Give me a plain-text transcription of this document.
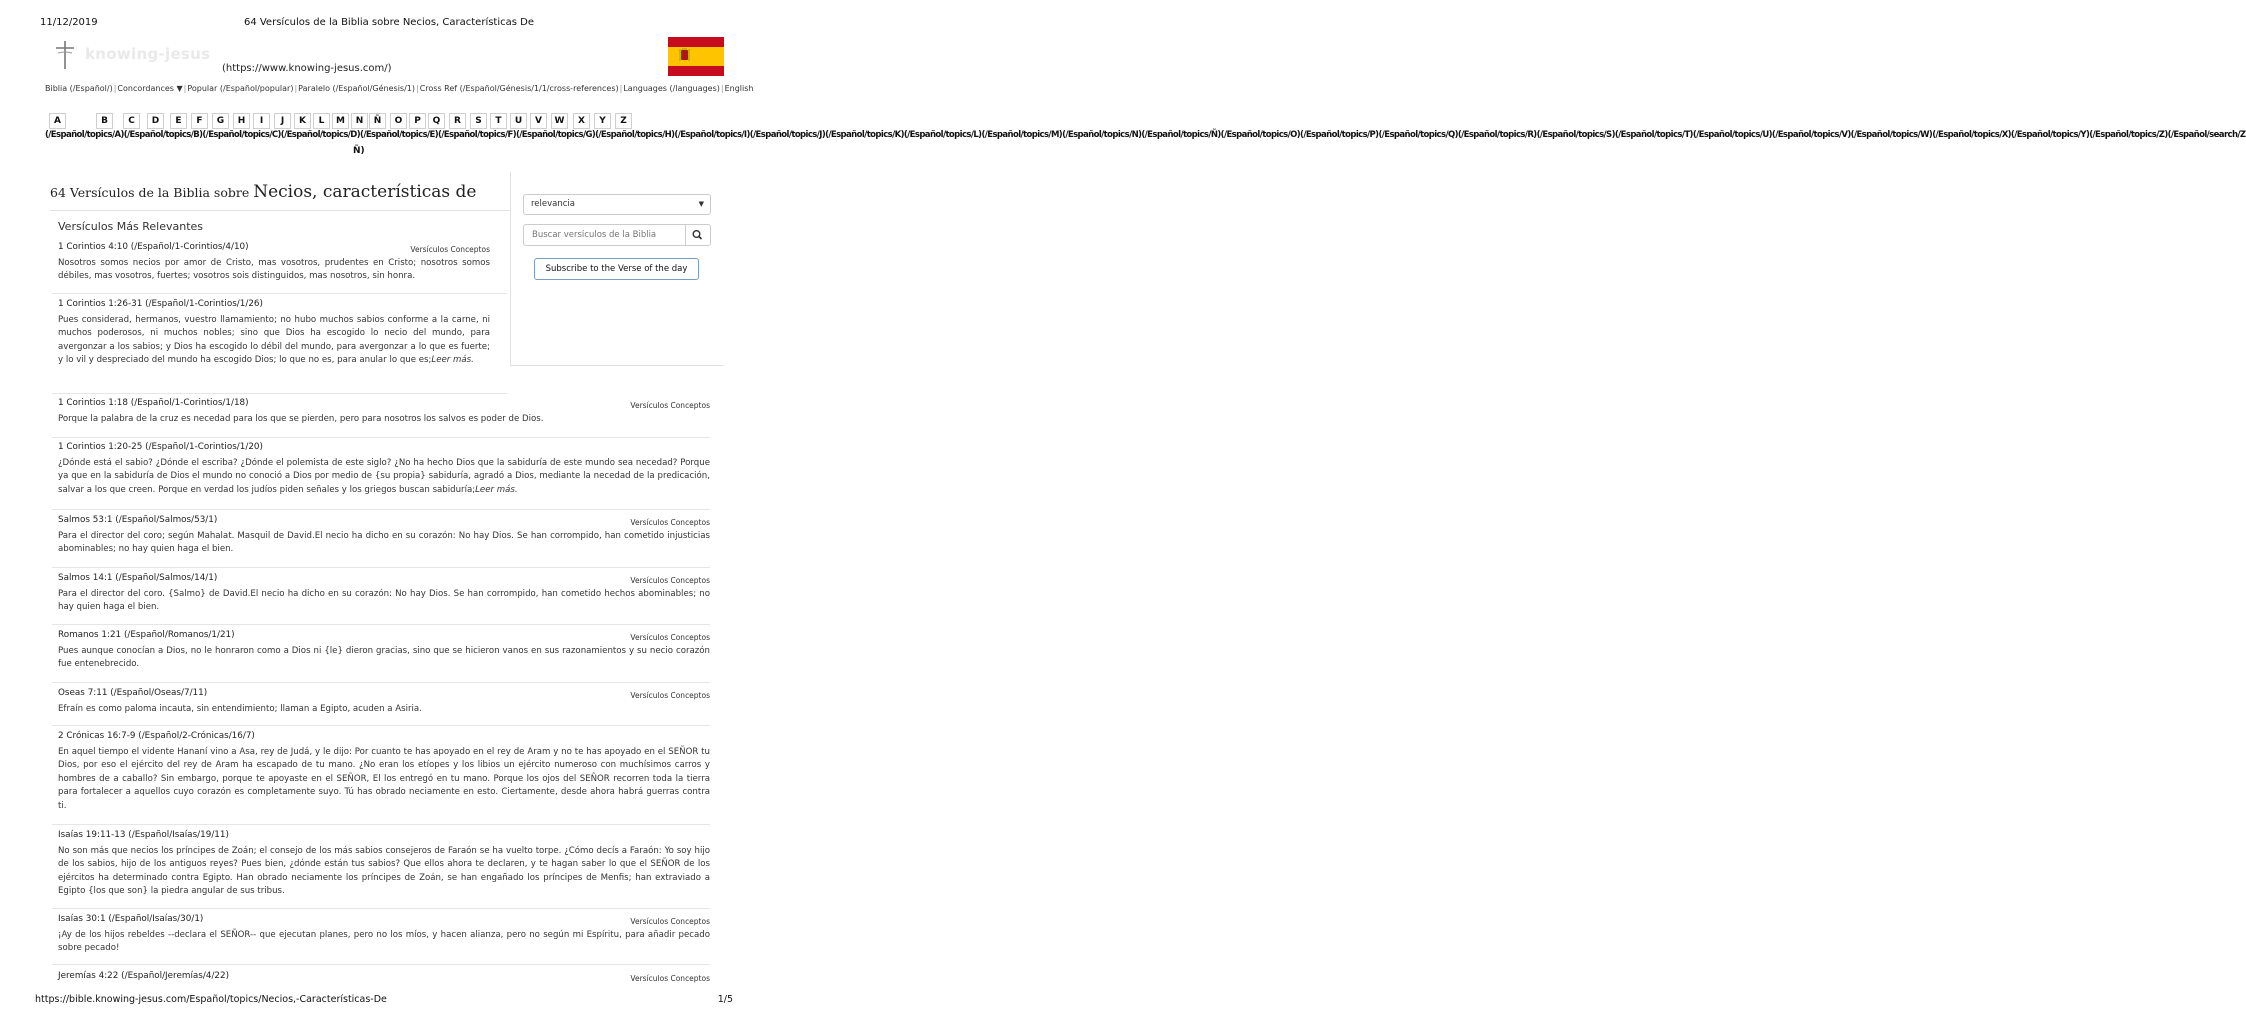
11/12/2019	64 Versículos de la Biblia sobre Necios, Características De
knowing-jesus
(https://www.knowing-jesus.com/)
Biblia (/Español/)|Concordances ▼|Popular (/Español/popular)|Paralelo (/Español/Génesis/1)|Cross Ref (/Español/Génesis/1/1/cross-references)|Languages (/languages)|English
(/Español/topics/A)(/Español/topics/B)(/Español/topics/C)(/Español/topics/D)(/Español/topics/E)(/Español/topics/F)(/Español/topics/G)(/Español/topics/H)(/Español/topics/I)(/Español/topics/J)(/Español/topics/K)(/Español/topics/L)(/Español/topics/M)(/Español/topics/N)(/Español/topics/Ñ)(/Español/topics/O)(/Español/topics/P)(/Español/topics/Q)(/Español/topics/R)(/Español/topics/S)(/Español/topics/T)(/Español/topics/U)(/Español/topics/V)(/Español/topics/W)(/Español/topics/X)(/Español/topics/Y)(/Español/topics/Z)(/Español/search/Z
Ñ)
A	B	C	D	E	F	G	H	I	J	K	L	M	N	Ñ	O	P	Q	R	S	T	U	V	W	X	Y	Z
64 Versículos de la Biblia sobre Necios, características de
relevancia	▼
Buscar versículos de la Biblia
Subscribe to the Verse of the day
Versículos Más Relevantes
1 Corintios 4:10 (/Español/1-Corintios/4/10)	Versículos Conceptos
Nosotros somos necios por amor de Cristo, mas vosotros, prudentes en Cristo; nosotros somos débiles, mas vosotros, fuertes; vosotros sois distinguidos, mas nosotros, sin honra.
1 Corintios 1:26-31 (/Español/1-Corintios/1/26)
Pues considerad, hermanos, vuestro llamamiento; no hubo muchos sabios conforme a la carne, ni muchos poderosos, ni muchos nobles; sino que Dios ha escogido lo necio del mundo, para avergonzar a los sabios; y Dios ha escogido lo débil del mundo, para avergonzar a lo que es fuerte; y lo vil y despreciado del mundo ha escogido Dios; lo que no es, para anular lo que es;Leer más.
1 Corintios 1:18 (/Español/1-Corintios/1/18)	Versículos Conceptos
Porque la palabra de la cruz es necedad para los que se pierden, pero para nosotros los salvos es poder de Dios.
1 Corintios 1:20-25 (/Español/1-Corintios/1/20)
¿Dónde está el sabio? ¿Dónde el escriba? ¿Dónde el polemista de este siglo? ¿No ha hecho Dios que la sabiduría de este mundo sea necedad? Porque ya que en la sabiduría de Dios el mundo no conoció a Dios por medio de {su propia} sabiduría, agradó a Dios, mediante la necedad de la predicación, salvar a los que creen. Porque en verdad los judíos piden señales y los griegos buscan sabiduría;Leer más.
Salmos 53:1 (/Español/Salmos/53/1)	Versículos Conceptos
Para el director del coro; según Mahalat. Masquil de David.El necio ha dicho en su corazón: No hay Dios. Se han corrompido, han cometido injusticias abominables; no hay quien haga el bien.
Salmos 14:1 (/Español/Salmos/14/1)	Versículos Conceptos
Para el director del coro. {Salmo} de David.El necio ha dicho en su corazón: No hay Dios. Se han corrompido, han cometido hechos abominables; no hay quien haga el bien.
Romanos 1:21 (/Español/Romanos/1/21)	Versículos Conceptos
Pues aunque conocían a Dios, no le honraron como a Dios ni {le} dieron gracias, sino que se hicieron vanos en sus razonamientos y su necio corazón fue entenebrecido.
Oseas 7:11 (/Español/Oseas/7/11)	Versículos Conceptos
Efraín es como paloma incauta, sin entendimiento; llaman a Egipto, acuden a Asiria.
2 Crónicas 16:7-9 (/Español/2-Crónicas/16/7)
En aquel tiempo el vidente Hananí vino a Asa, rey de Judá, y le dijo: Por cuanto te has apoyado en el rey de Aram y no te has apoyado en el SEÑOR tu Dios, por eso el ejército del rey de Aram ha escapado de tu mano. ¿No eran los etíopes y los libios un ejército numeroso con muchísimos carros y hombres de a caballo? Sin embargo, porque te apoyaste en el SEÑOR, El los entregó en tu mano. Porque los ojos del SEÑOR recorren toda la tierra para fortalecer a aquellos cuyo corazón es completamente suyo. Tú has obrado neciamente en esto. Ciertamente, desde ahora habrá guerras contra ti.
Isaías 19:11-13 (/Español/Isaías/19/11)
No son más que necios los príncipes de Zoán; el consejo de los más sabios consejeros de Faraón se ha vuelto torpe. ¿Cómo decís a Faraón: Yo soy hijo de los sabios, hijo de los antiguos reyes? Pues bien, ¿dónde están tus sabios? Que ellos ahora te declaren, y te hagan saber lo que el SEÑOR de los ejércitos ha determinado contra Egipto. Han obrado neciamente los príncipes de Zoán, se han engañado los príncipes de Menfis; han extraviado a Egipto {los que son} la piedra angular de sus tribus.
Isaías 30:1 (/Español/Isaías/30/1)	Versículos Conceptos
¡Ay de los hijos rebeldes --declara el SEÑOR-- que ejecutan planes, pero no los míos, y hacen alianza, pero no según mi Espíritu, para añadir pecado sobre pecado!
Jeremías 4:22 (/Español/Jeremías/4/22)	Versículos Conceptos
https://bible.knowing-jesus.com/Español/topics/Necios,-Características-De	1/5
